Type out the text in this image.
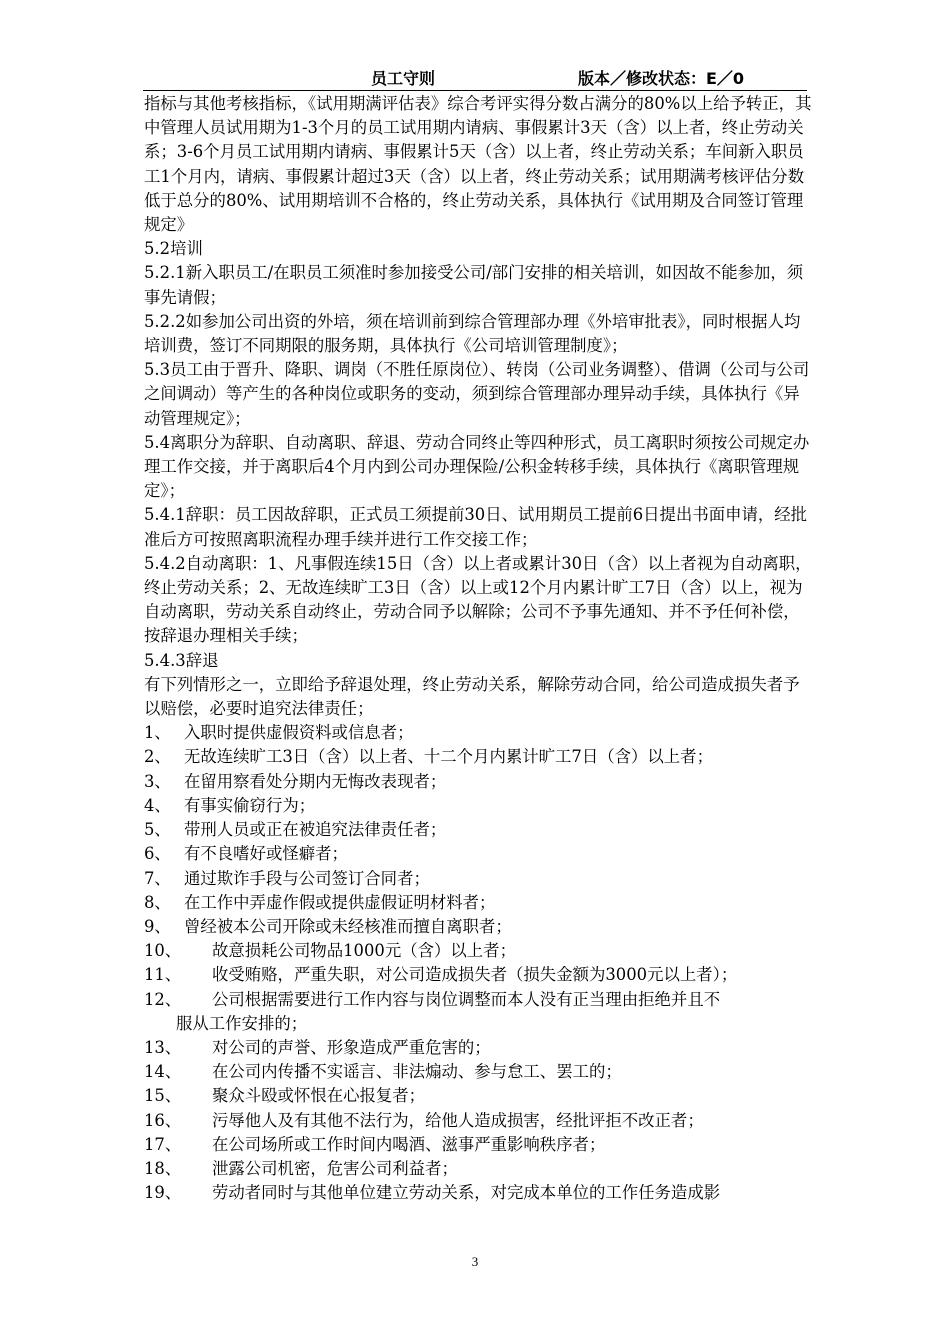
员工守则	版本／修改状态：E／0

指标与其他考核指标，《试用期满评估表》综合考评实得分数占满分的80%以上给予转正，其中管理人员试用期为1-3个月的员工试用期内请病、事假累计3天（含）以上者，终止劳动关系；3-6个月员工试用期内请病、事假累计5天（含）以上者，终止劳动关系；车间新入职员工1个月内，请病、事假累计超过3天（含）以上者，终止劳动关系；试用期满考核评估分数低于总分的80%、试用期培训不合格的，终止劳动关系，具体执行《试用期及合同签订管理规定》

5.2培训

5.2.1新入职员工/在职员工须准时参加接受公司/部门安排的相关培训，如因故不能参加，须事先请假；

5.2.2如参加公司出资的外培，须在培训前到综合管理部办理《外培审批表》，同时根据人均培训费，签订不同期限的服务期，具体执行《公司培训管理制度》；

5.3员工由于晋升、降职、调岗（不胜任原岗位）、转岗（公司业务调整）、借调（公司与公司之间调动）等产生的各种岗位或职务的变动，须到综合管理部办理异动手续，具体执行《异动管理规定》；

5.4离职分为辞职、自动离职、辞退、劳动合同终止等四种形式，员工离职时须按公司规定办理工作交接，并于离职后4个月内到公司办理保险/公积金转移手续，具体执行《离职管理规定》；

5.4.1辞职：员工因故辞职，正式员工须提前30日、试用期员工提前6日提出书面申请，经批准后方可按照离职流程办理手续并进行工作交接工作；

5.4.2自动离职：1、凡事假连续15日（含）以上者或累计30日（含）以上者视为自动离职，终止劳动关系；2、无故连续旷工3日（含）以上或12个月内累计旷工7日（含）以上，视为自动离职，劳动关系自动终止，劳动合同予以解除；公司不予事先通知、并不予任何补偿，按辞退办理相关手续；

5.4.3辞退

有下列情形之一，立即给予辞退处理，终止劳动关系，解除劳动合同，给公司造成损失者予以赔偿，必要时追究法律责任；

1、 入职时提供虚假资料或信息者；
2、 无故连续旷工3日（含）以上者、十二个月内累计旷工7日（含）以上者；
3、 在留用察看处分期内无悔改表现者；
4、 有事实偷窃行为；
5、 带刑人员或正在被追究法律责任者；
6、 有不良嗜好或怪癖者；
7、 通过欺诈手段与公司签订合同者；
8、 在工作中弄虚作假或提供虚假证明材料者；
9、 曾经被本公司开除或未经核准而擅自离职者；
10、	故意损耗公司物品1000元（含）以上者；
11、	收受贿赂，严重失职，对公司造成损失者（损失金额为3000元以上者）；
12、	公司根据需要进行工作内容与岗位调整而本人没有正当理由拒绝并且不

服从工作安排的；

13、	对公司的声誉、形象造成严重危害的；
14、	在公司内传播不实谣言、非法煽动、参与怠工、罢工的；
15、	聚众斗殴或怀恨在心报复者；
16、	污辱他人及有其他不法行为，给他人造成损害，经批评拒不改正者；
17、	在公司场所或工作时间内喝酒、滋事严重影响秩序者；
18、	泄露公司机密，危害公司利益者；
19、	劳动者同时与其他单位建立劳动关系，对完成本单位的工作任务造成影
3
